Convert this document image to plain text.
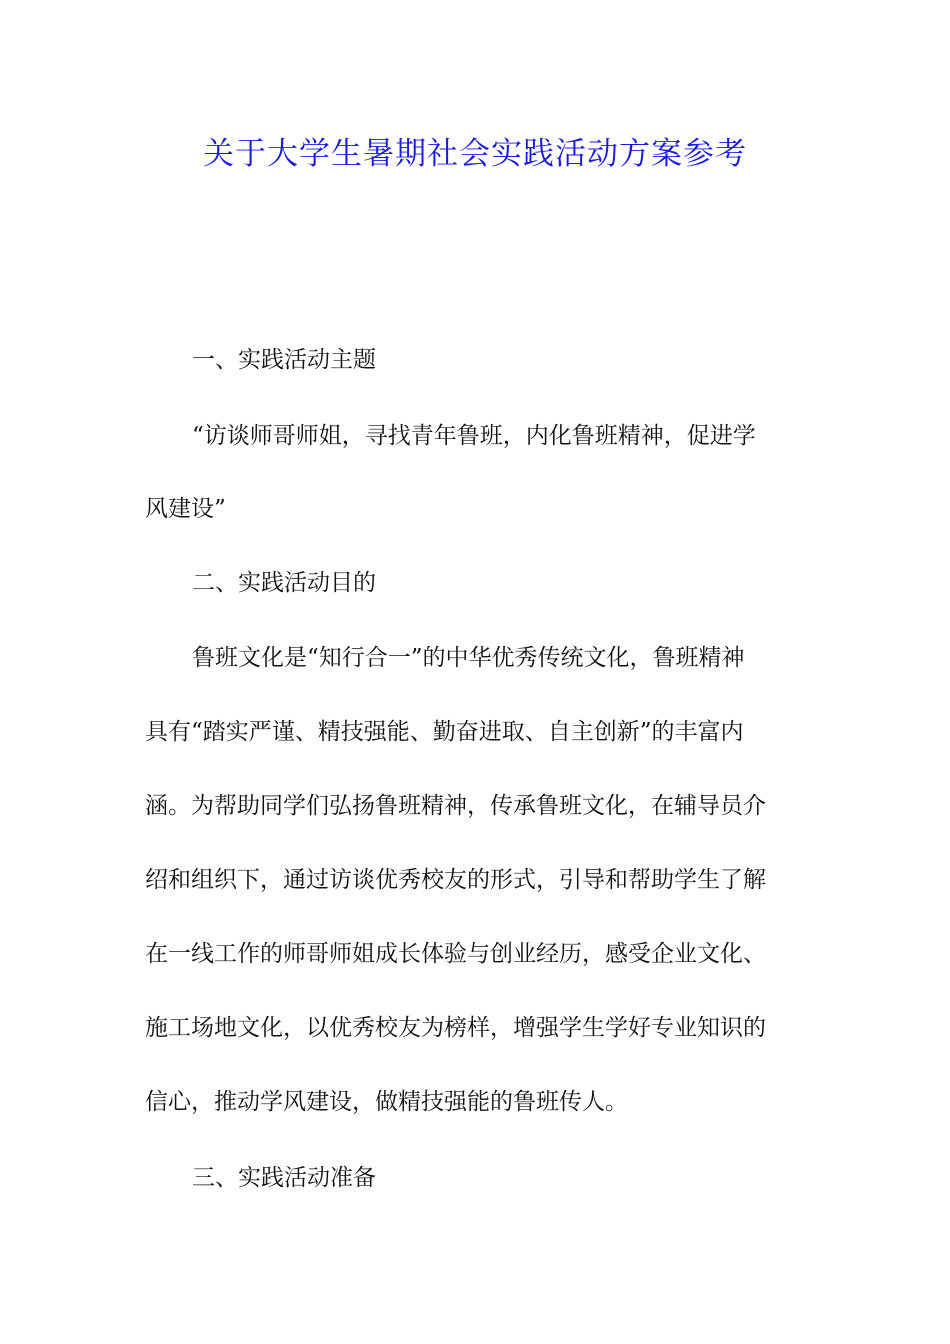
关于大学生暑期社会实践活动方案参考

一、实践活动主题

“访谈师哥师姐，寻找青年鲁班，内化鲁班精神，促进学

风建设”

二、实践活动目的

鲁班文化是“知行合一”的中华优秀传统文化，鲁班精神

具有“踏实严谨、精技强能、勤奋进取、自主创新”的丰富内

涵。为帮助同学们弘扬鲁班精神，传承鲁班文化，在辅导员介

绍和组织下，通过访谈优秀校友的形式，引导和帮助学生了解

在一线工作的师哥师姐成长体验与创业经历，感受企业文化、

施工场地文化，以优秀校友为榜样，增强学生学好专业知识的

信心，推动学风建设，做精技强能的鲁班传人。

三、实践活动准备
